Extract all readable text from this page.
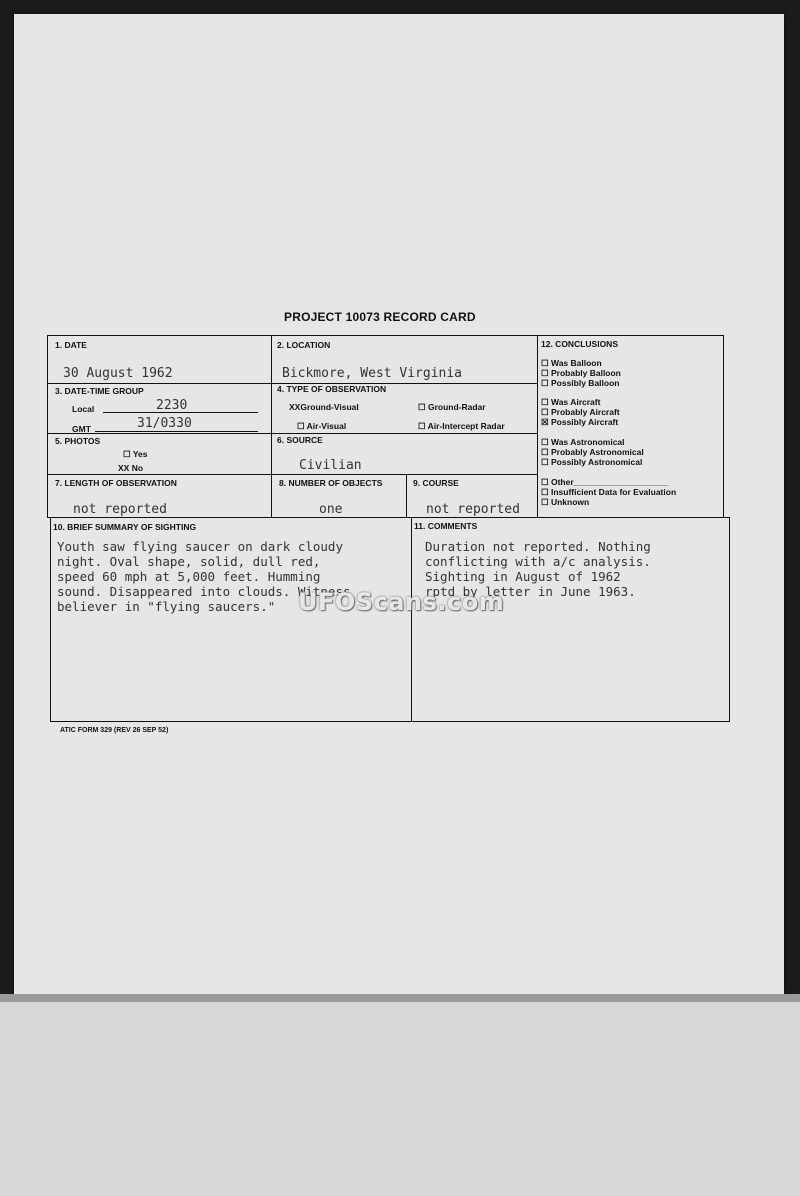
PROJECT 10073 RECORD CARD
1. DATE
30 August 1962
2. LOCATION
Bickmore, West Virginia
3. DATE-TIME GROUP
Local	2230
GMT	31/0330
4. TYPE OF OBSERVATION
XXGround-Visual	☐ Ground-Radar
☐ Air-Visual	☐ Air-Intercept Radar
5. PHOTOS
☐ Yes
XX No
6. SOURCE
Civilian
7. LENGTH OF OBSERVATION
not reported
8. NUMBER OF OBJECTS
one
9. COURSE
not reported
12. CONCLUSIONS
☐ Was Balloon
☐ Probably Balloon
☐ Possibly Balloon
☐ Was Aircraft
☐ Probably Aircraft
☒ Possibly Aircraft
☐ Was Astronomical
☐ Probably Astronomical
☐ Possibly Astronomical
☐ Other____________________
☐ Insufficient Data for Evaluation
☐ Unknown
10. BRIEF SUMMARY OF SIGHTING
Youth saw flying saucer on dark cloudy
night. Oval shape, solid, dull red,
speed 60 mph at 5,000 feet. Humming
sound. Disappeared into clouds. Witness
believer in "flying saucers."
11. COMMENTS
Duration not reported. Nothing
conflicting with a/c analysis.
Sighting in August of 1962
rptd by letter in June 1963.
UFOScans.com
ATIC FORM 329 (REV 26 SEP 52)
